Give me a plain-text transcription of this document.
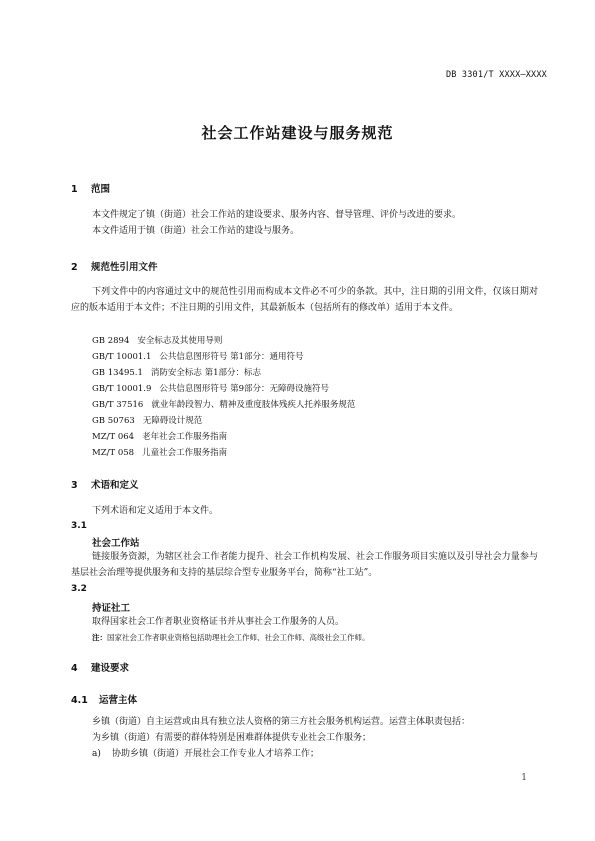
DB 3301/T XXXX—XXXX
社会工作站建设与服务规范
1 范围
本文件规定了镇（街道）社会工作站的建设要求、服务内容、督导管理、评价与改进的要求。
本文件适用于镇（街道）社会工作站的建设与服务。
2 规范性引用文件
下列文件中的内容通过文中的规范性引用而构成本文件必不可少的条款。其中，注日期的引用文件，仅该日期对应的版本适用于本文件；不注日期的引用文件，其最新版本（包括所有的修改单）适用于本文件。
GB 2894 安全标志及其使用导则
GB/T 10001.1 公共信息图形符号 第1部分：通用符号
GB 13495.1 消防安全标志 第1部分：标志
GB/T 10001.9 公共信息图形符号 第9部分：无障碍设施符号
GB/T 37516 就业年龄段智力、精神及重度肢体残疾人托养服务规范
GB 50763 无障碍设计规范
MZ/T 064 老年社会工作服务指南
MZ/T 058 儿童社会工作服务指南
3 术语和定义
下列术语和定义适用于本文件。
3.1
社会工作站
链接服务资源，为辖区社会工作者能力提升、社会工作机构发展、社会工作服务项目实施以及引导社会力量参与基层社会治理等提供服务和支持的基层综合型专业服务平台，简称“社工站”。
3.2
持证社工
取得国家社会工作者职业资格证书并从事社会工作服务的人员。
注：国家社会工作者职业资格包括助理社会工作师、社会工作师、高级社会工作师。
4 建设要求
4.1 运营主体
乡镇（街道）自主运营或由具有独立法人资格的第三方社会服务机构运营。运营主体职责包括：
为乡镇（街道）有需要的群体特别是困难群体提供专业社会工作服务；
a) 协助乡镇（街道）开展社会工作专业人才培养工作；
1
